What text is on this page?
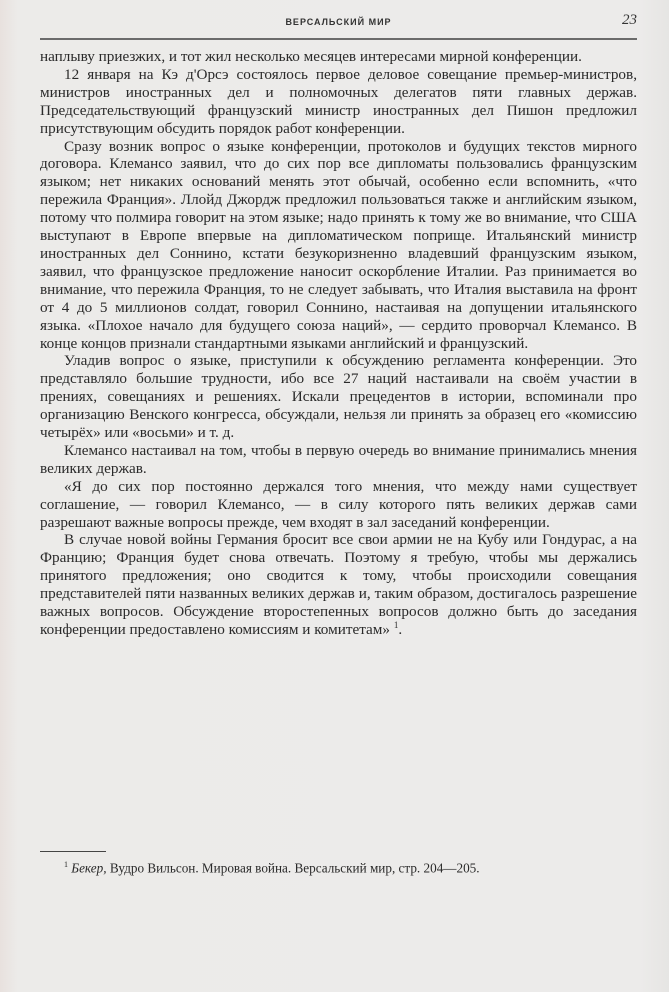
ВЕРСАЛЬСКИЙ МИР	23

наплыву приезжих, и тот жил несколько месяцев интересами мирной конференции.

12 января на Кэ д'Орсэ состоялось первое деловое совещание премьер-министров, министров иностранных дел и полномочных делегатов пяти главных держав. Председательствующий французский министр иностранных дел Пишон предложил присутствующим обсудить порядок работ конференции.

Сразу возник вопрос о языке конференции, протоколов и будущих текстов мирного договора. Клемансо заявил, что до сих пор все дипломаты пользовались французским языком; нет никаких оснований менять этот обычай, особенно если вспомнить, «что пережила Франция». Ллойд Джордж предложил пользоваться также и английским языком, потому что полмира говорит на этом языке; надо принять к тому же во внимание, что США выступают в Европе впервые на дипломатическом поприще. Итальянский министр иностранных дел Соннино, кстати безукоризненно владевший французским языком, заявил, что французское предложение наносит оскорбление Италии. Раз принимается во внимание, что пережила Франция, то не следует забывать, что Италия выставила на фронт от 4 до 5 миллионов солдат, говорил Соннино, настаивая на допущении итальянского языка. «Плохое начало для будущего союза наций», — сердито проворчал Клемансо. В конце концов признали стандартными языками английский и французский.

Уладив вопрос о языке, приступили к обсуждению регламента конференции. Это представляло большие трудности, ибо все 27 наций настаивали на своём участии в прениях, совещаниях и решениях. Искали прецедентов в истории, вспоминали про организацию Венского конгресса, обсуждали, нельзя ли принять за образец его «комиссию четырёх» или «восьми» и т. д.

Клемансо настаивал на том, чтобы в первую очередь во внимание принимались мнения великих держав.

«Я до сих пор постоянно держался того мнения, что между нами существует соглашение, — говорил Клемансо, — в силу которого пять великих держав сами разрешают важные вопросы прежде, чем входят в зал заседаний конференции.

В случае новой войны Германия бросит все свои армии не на Кубу или Гондурас, а на Францию; Франция будет снова отвечать. Поэтому я требую, чтобы мы держались принятого предложения; оно сводится к тому, чтобы происходили совещания представителей пяти названных великих держав и, таким образом, достигалось разрешение важных вопросов. Обсуждение второстепенных вопросов должно быть до заседания конференции предоставлено комиссиям и комитетам» $^1$.

$^1$ Бекер, Вудро Вильсон. Мировая война. Версальский мир, стр. 204—205.
